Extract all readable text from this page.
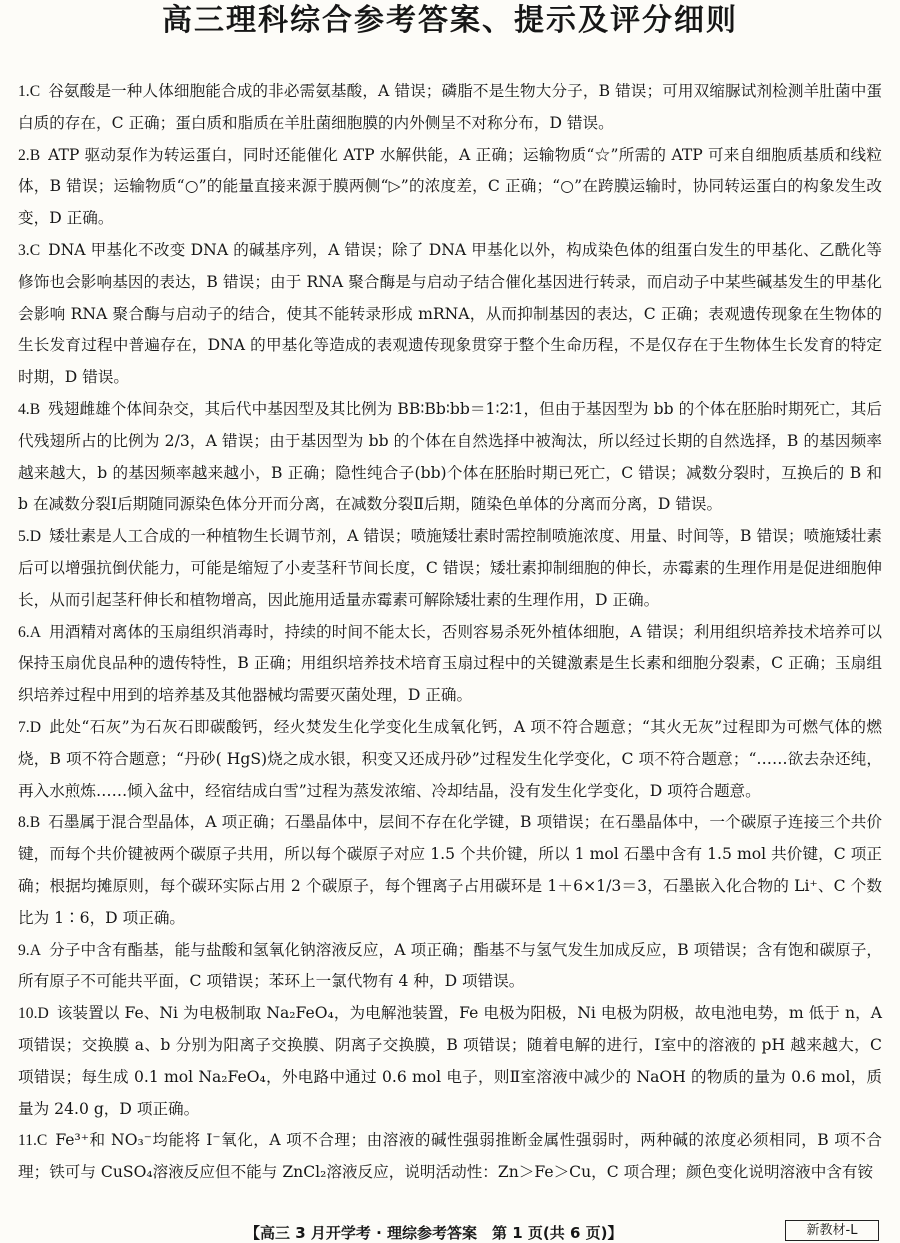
高三理科综合参考答案、提示及评分细则

1.C 谷氨酸是一种人体细胞能合成的非必需氨基酸，A 错误；磷脂不是生物大分子，B 错误；可用双缩脲试剂检测羊肚菌中蛋白质的存在，C 正确；蛋白质和脂质在羊肚菌细胞膜的内外侧呈不对称分布，D 错误。

2.B ATP 驱动泵作为转运蛋白，同时还能催化 ATP 水解供能，A 正确；运输物质“☆”所需的 ATP 可来自细胞质基质和线粒体，B 错误；运输物质“○”的能量直接来源于膜两侧“▷”的浓度差，C 正确；“○”在跨膜运输时，协同转运蛋白的构象发生改变，D 正确。

3.C DNA 甲基化不改变 DNA 的碱基序列，A 错误；除了 DNA 甲基化以外，构成染色体的组蛋白发生的甲基化、乙酰化等修饰也会影响基因的表达，B 错误；由于 RNA 聚合酶是与启动子结合催化基因进行转录，而启动子中某些碱基发生的甲基化会影响 RNA 聚合酶与启动子的结合，使其不能转录形成 mRNA，从而抑制基因的表达，C 正确；表观遗传现象在生物体的生长发育过程中普遍存在，DNA 的甲基化等造成的表观遗传现象贯穿于整个生命历程，不是仅存在于生物体生长发育的特定时期，D 错误。

4.B 残翅雌雄个体间杂交，其后代中基因型及其比例为 BB∶Bb∶bb＝1∶2∶1，但由于基因型为 bb 的个体在胚胎时期死亡，其后代残翅所占的比例为 2/3，A 错误；由于基因型为 bb 的个体在自然选择中被淘汰，所以经过长期的自然选择，B 的基因频率越来越大，b 的基因频率越来越小，B 正确；隐性纯合子(bb)个体在胚胎时期已死亡，C 错误；减数分裂时，互换后的 B 和 b 在减数分裂Ⅰ后期随同源染色体分开而分离，在减数分裂Ⅱ后期，随染色单体的分离而分离，D 错误。

5.D 矮壮素是人工合成的一种植物生长调节剂，A 错误；喷施矮壮素时需控制喷施浓度、用量、时间等，B 错误；喷施矮壮素后可以增强抗倒伏能力，可能是缩短了小麦茎秆节间长度，C 错误；矮壮素抑制细胞的伸长，赤霉素的生理作用是促进细胞伸长，从而引起茎秆伸长和植物增高，因此施用适量赤霉素可解除矮壮素的生理作用，D 正确。

6.A 用酒精对离体的玉扇组织消毒时，持续的时间不能太长，否则容易杀死外植体细胞，A 错误；利用组织培养技术培养可以保持玉扇优良品种的遗传特性，B 正确；用组织培养技术培育玉扇过程中的关键激素是生长素和细胞分裂素，C 正确；玉扇组织培养过程中用到的培养基及其他器械均需要灭菌处理，D 正确。

7.D 此处“石灰”为石灰石即碳酸钙，经火焚发生化学变化生成氧化钙，A 项不符合题意；“其火无灰”过程即为可燃气体的燃烧，B 项不符合题意；“丹砂( HgS)烧之成水银，积变又还成丹砂”过程发生化学变化，C 项不符合题意；“……欲去杂还纯，再入水煎炼……倾入盆中，经宿结成白雪”过程为蒸发浓缩、冷却结晶，没有发生化学变化，D 项符合题意。

8.B 石墨属于混合型晶体，A 项正确；石墨晶体中，层间不存在化学键，B 项错误；在石墨晶体中，一个碳原子连接三个共价键，而每个共价键被两个碳原子共用，所以每个碳原子对应 1.5 个共价键，所以 1 mol 石墨中含有 1.5 mol 共价键，C 项正确；根据均摊原则，每个碳环实际占用 2 个碳原子，每个锂离子占用碳环是 1＋6×1/3＝3，石墨嵌入化合物的 Li⁺、C 个数比为 1∶6，D 项正确。

9.A 分子中含有酯基，能与盐酸和氢氧化钠溶液反应，A 项正确；酯基不与氢气发生加成反应，B 项错误；含有饱和碳原子，所有原子不可能共平面，C 项错误；苯环上一氯代物有 4 种，D 项错误。

10.D 该装置以 Fe、Ni 为电极制取 Na₂FeO₄，为电解池装置，Fe 电极为阳极，Ni 电极为阴极，故电池电势，m 低于 n，A 项错误；交换膜 a、b 分别为阳离子交换膜、阴离子交换膜，B 项错误；随着电解的进行，Ⅰ室中的溶液的 pH 越来越大，C 项错误；每生成 0.1 mol Na₂FeO₄，外电路中通过 0.6 mol 电子，则Ⅱ室溶液中减少的 NaOH 的物质的量为 0.6 mol，质量为 24.0 g，D 项正确。

11.C Fe³⁺和 NO₃⁻均能将 I⁻氧化，A 项不合理；由溶液的碱性强弱推断金属性强弱时，两种碱的浓度必须相同，B 项不合理；铁可与 CuSO₄溶液反应但不能与 ZnCl₂溶液反应，说明活动性：Zn＞Fe＞Cu，C 项合理；颜色变化说明溶液中含有铵

【高三 3 月开学考 · 理综参考答案　第 1 页(共 6 页)】	新教材-L
